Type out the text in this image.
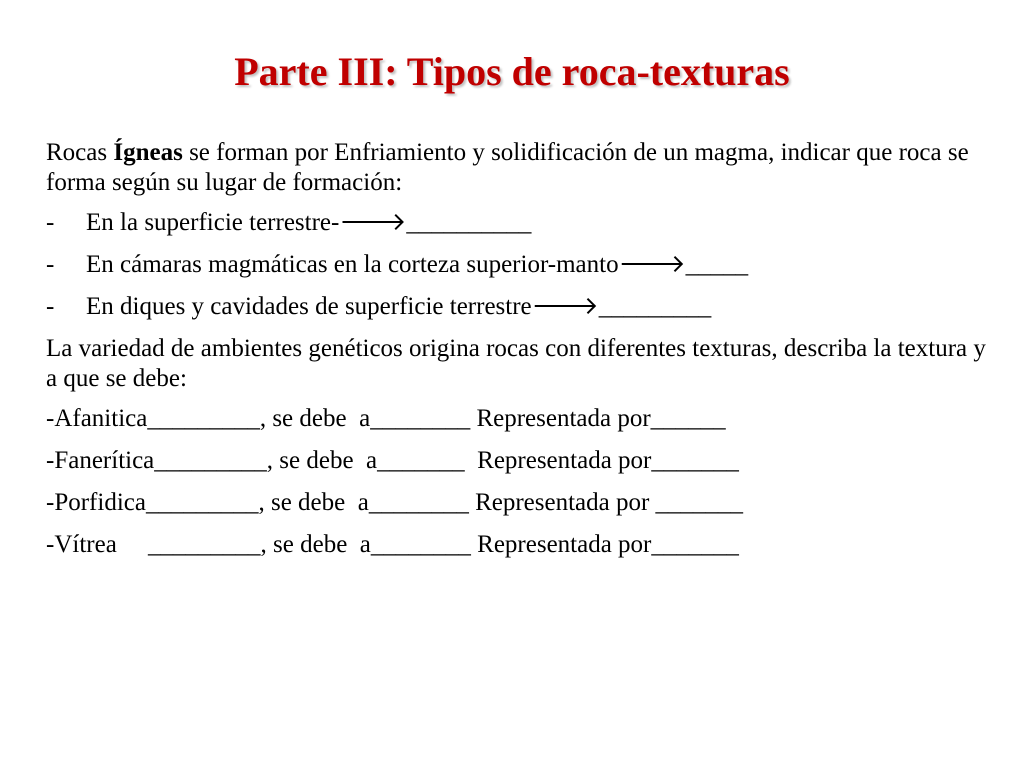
Parte III: Tipos de roca-texturas

Rocas Ígneas se forman por Enfriamiento y solidificación de un magma, indicar que roca se forma según su lugar de formación:

-	En la superficie terrestre-🡒__________
-	En cámaras magmáticas en la corteza superior-manto🡒_____
-	En diques y cavidades de superficie terrestre🡒_________

La variedad de ambientes genéticos origina rocas con diferentes texturas, describa la textura y a que se debe:

-Afanitica_________, se debe  a________ Representada por______
-Fanerítica_________, se debe  a_______  Representada por_______
-Porfidica_________, se debe  a________ Representada por _______
-Vítrea     _________, se debe  a________ Representada por_______
